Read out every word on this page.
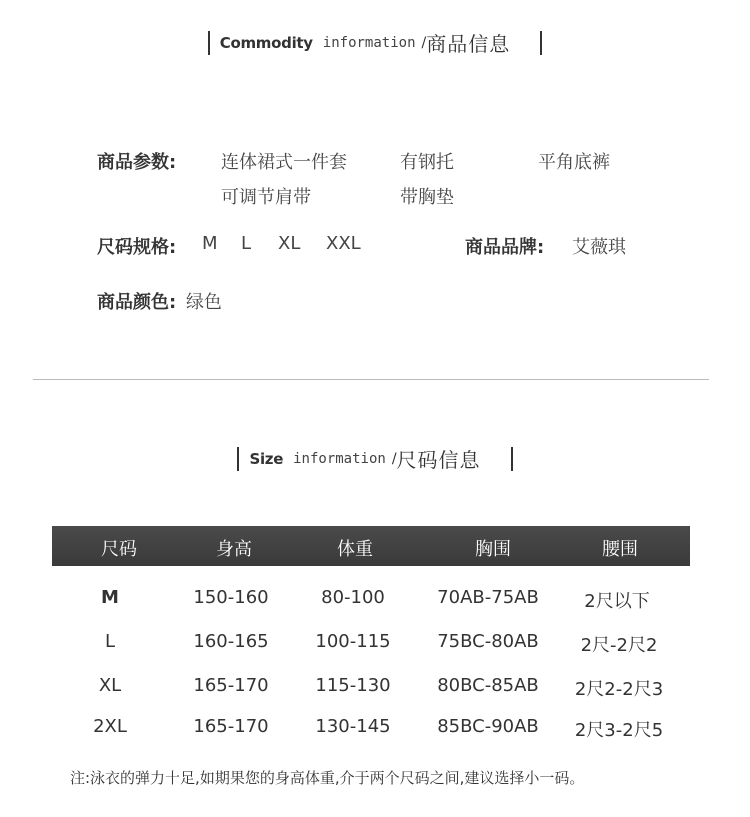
Commodity information / 商品信息
商品参数: 连体裙式一件套	有钢托	平角底裤
可调节肩带	带胸垫
尺码规格: M L XL XXL	商品品牌: 艾薇琪
商品颜色: 绿色
Size information / 尺码信息
尺码	身高	体重	胸围	腰围
M	150-160	80-100	70AB-75AB	2尺以下
L	160-165	100-115	75BC-80AB 2尺-2尺2
XL	165-170	115-130	80BC-85AB 2尺2-2尺3
2XL	165-170	130-145	85BC-90AB 2尺3-2尺5
注:泳衣的弹力十足,如期果您的身高体重,介于两个尺码之间,建议选择小一码。
